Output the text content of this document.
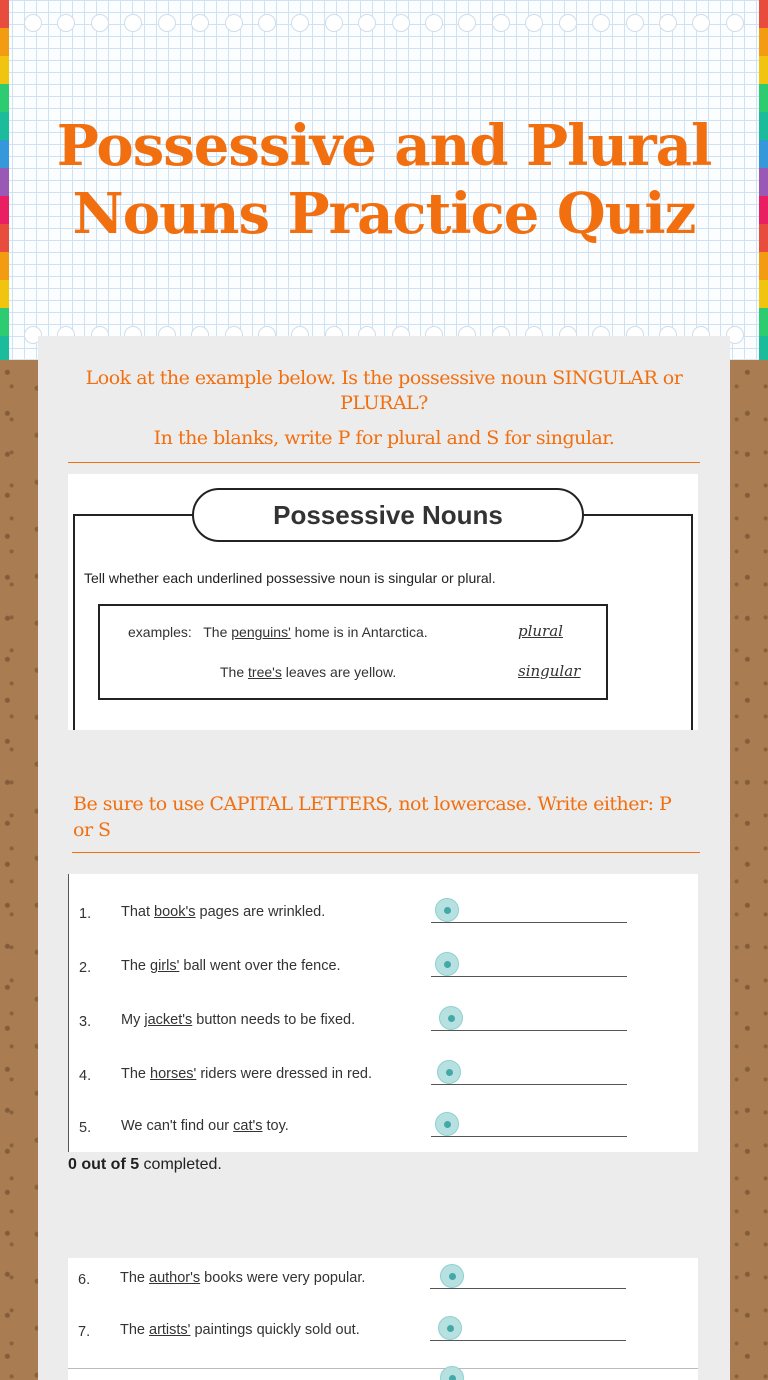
Possessive and Plural Nouns Practice Quiz
Look at the example below. Is the possessive noun SINGULAR or PLURAL?
In the blanks, write P for plural and S for singular.
Possessive Nouns
Tell whether each underlined possessive noun is singular or plural.
examples: The penguins' home is in Antarctica.	plural
The tree's leaves are yellow.	singular
Be sure to use CAPITAL LETTERS, not lowercase. Write either: P or S
1. That book's pages are wrinkled.
2. The girls' ball went over the fence.
3. My jacket's button needs to be fixed.
4. The horses' riders were dressed in red.
5. We can't find our cat's toy.
0 out of 5 completed.
6. The author's books were very popular.
7. The artists' paintings quickly sold out.
